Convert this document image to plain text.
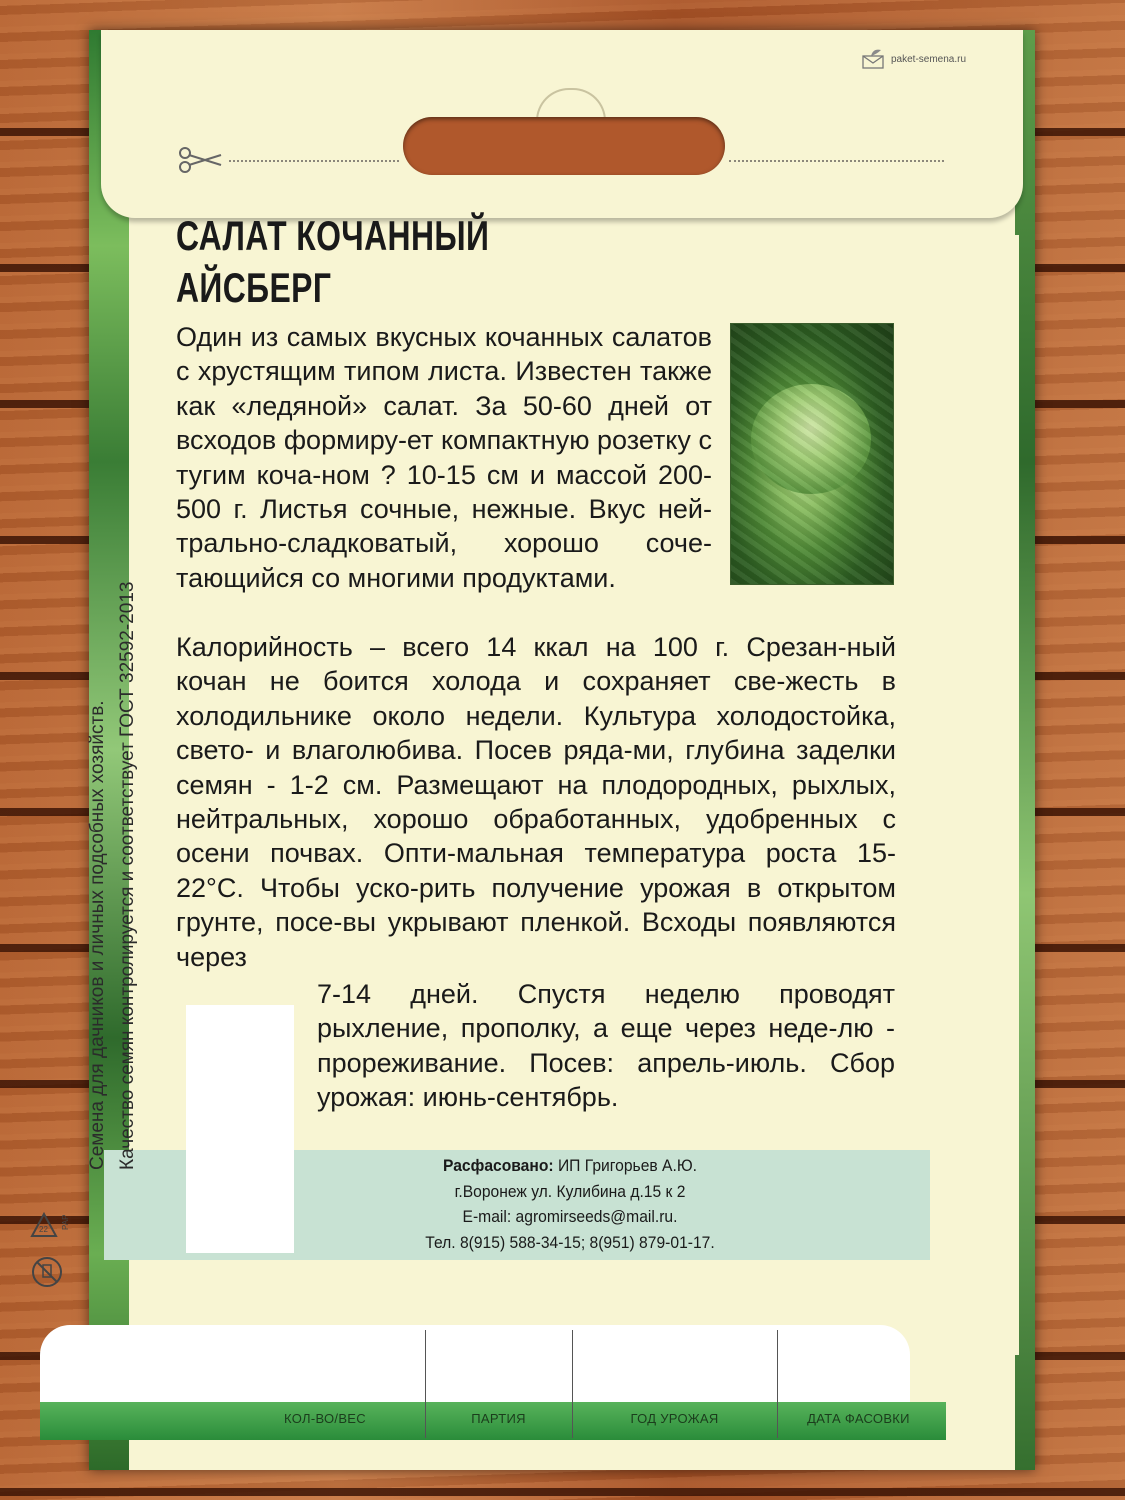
paket-semena.ru
САЛАТ КОЧАННЫЙ
АЙСБЕРГ

Один из самых вкусных кочанных салатов с хрустящим типом листа. Известен также как «ледяной» салат. За 50-60 дней от всходов формиру-ет компактную розетку с тугим коча-ном ? 10-15 см и массой 200-500 г. Листья сочные, нежные. Вкус ней-трально-сладковатый, хорошо соче-тающийся со многими продуктами.

Калорийность – всего 14 ккал на 100 г. Срезан-ный кочан не боится холода и сохраняет све-жесть в холодильнике около недели. Культура холодостойка, свето- и влаголюбива. Посев ряда-ми, глубина заделки семян - 1-2 см. Размещают на плодородных, рыхлых, нейтральных, хорошо обработанных, удобренных с осени почвах. Опти-мальная температура роста 15-22°С. Чтобы уско-рить получение урожая в открытом грунте, посе-вы укрывают пленкой. Всходы появляются через

7-14 дней. Спустя неделю проводят рыхление, прополку, а еще через неде-лю - прореживание. Посев: апрель-июль. Сбор урожая: июнь-сентябрь.

Расфасовано: ИП Григорьев А.Ю.
г.Воронеж ул. Кулибина д.15 к 2
E-mail: agromirseeds@mail.ru.
Тел. 8(915) 588-34-15; 8(951) 879-01-17.
Семена для дачников и личных подсобных хозяйств. Качество семян контролируется и соответствует ГОСТ 32592-2013
22 PAP
КОЛ-ВО/ВЕС	ПАРТИЯ	ГОД УРОЖАЯ	ДАТА ФАСОВКИ
